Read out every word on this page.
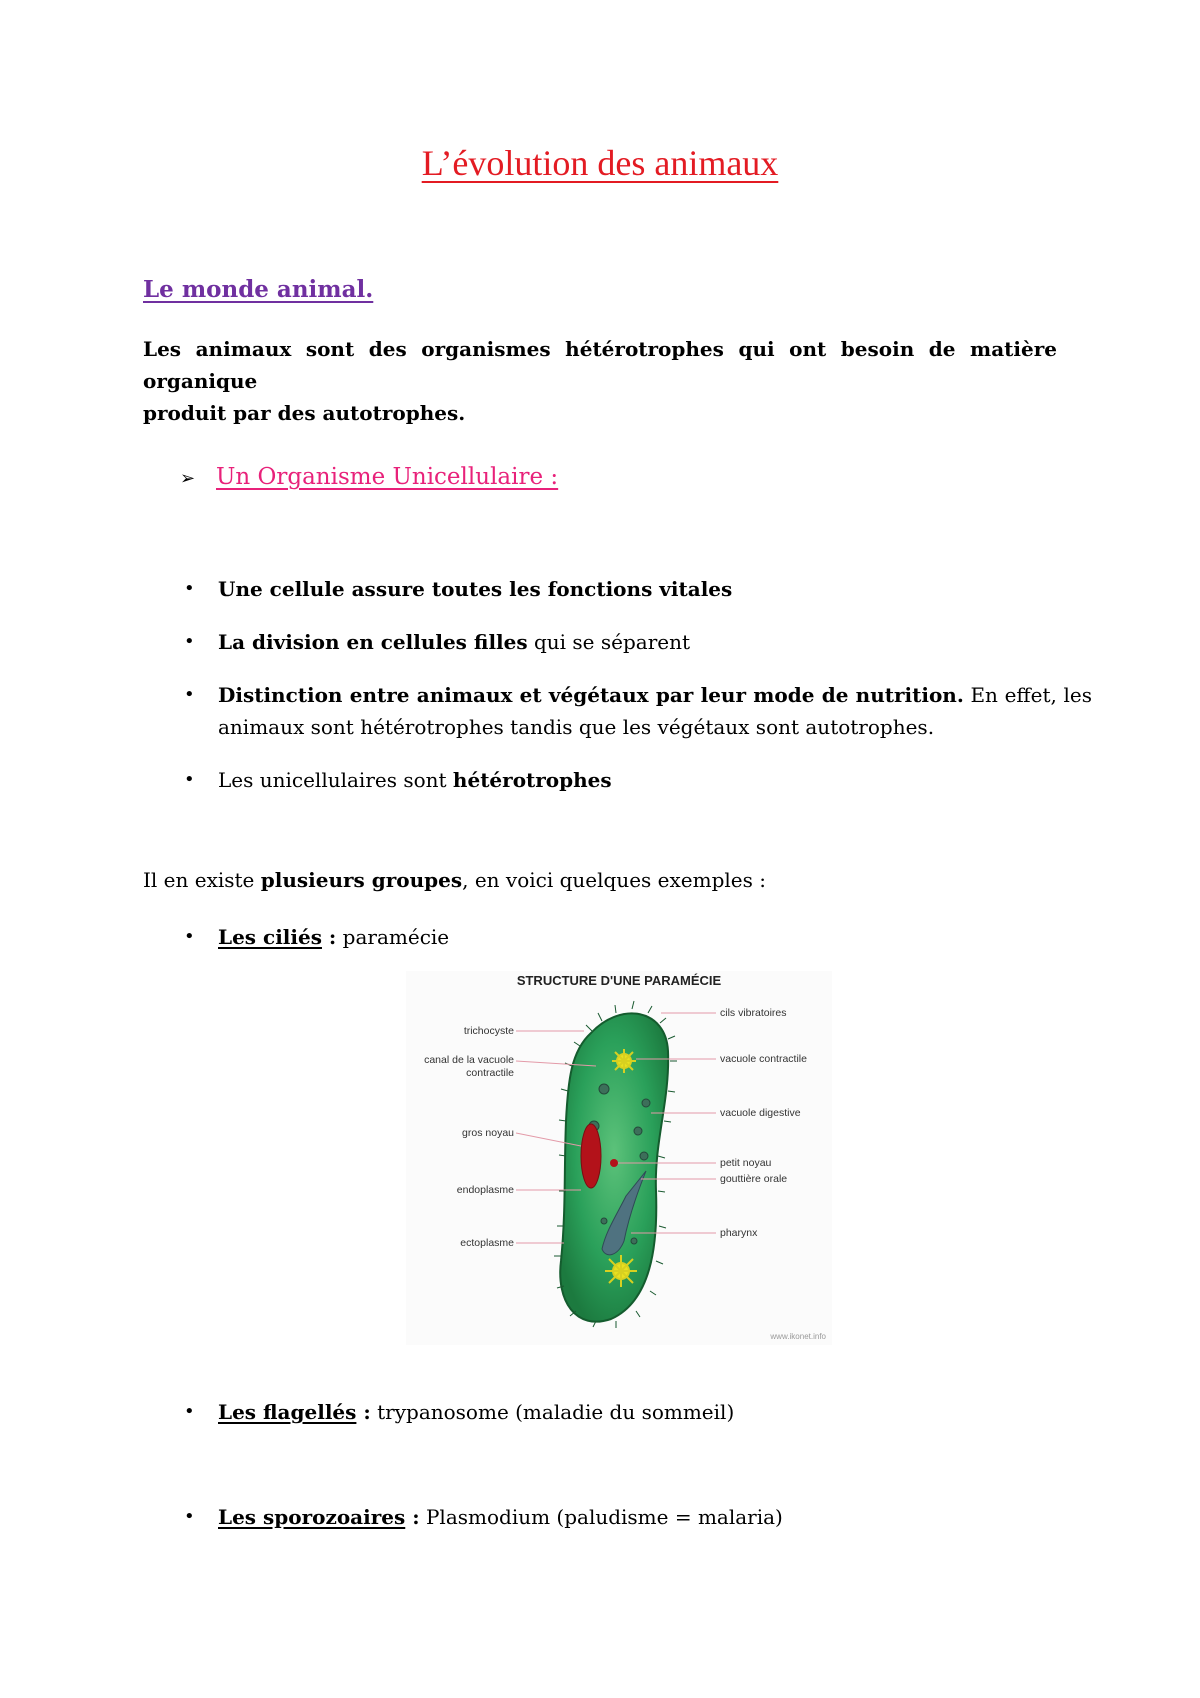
L’évolution des animaux
Le monde animal.
Les animaux sont des organismes hétérotrophes qui ont besoin de matière organique
produit par des autotrophes.
➢ Un Organisme Unicellulaire :
• Une cellule assure toutes les fonctions vitales
• La division en cellules filles qui se séparent
• Distinction entre animaux et végétaux par leur mode de nutrition. En effet, les
animaux sont hétérotrophes tandis que les végétaux sont autotrophes.
• Les unicellulaires sont hétérotrophes
Il en existe plusieurs groupes, en voici quelques exemples :
• Les ciliés : paramécie
STRUCTURE D'UNE PARAMÉCIE
trichocyste
canal de la vacuole
contractile
gros noyau
endoplasme
ectoplasme
cils vibratoires
vacuole contractile
vacuole digestive
petit noyau
gouttière orale
pharynx
www.ikonet.info
• Les flagellés : trypanosome (maladie du sommeil)
• Les sporozoaires : Plasmodium (paludisme = malaria)
